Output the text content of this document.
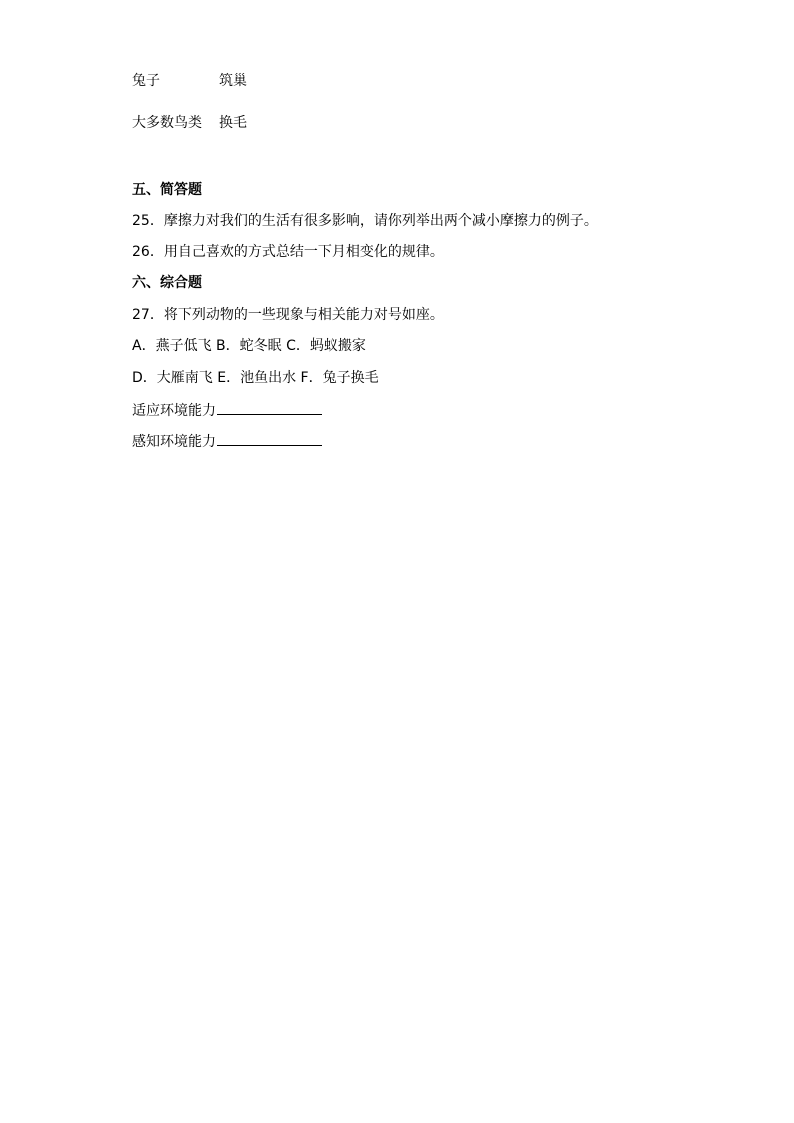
兔子	筑巢
大多数鸟类 换毛
五、简答题
25．摩擦力对我们的生活有很多影响，请你列举出两个减小摩擦力的例子。
26．用自己喜欢的方式总结一下月相变化的规律。
六、综合题
27．将下列动物的一些现象与相关能力对号如座。
A．燕子低飞 B．蛇冬眠 C．蚂蚁搬家
D．大雁南飞 E．池鱼出水 F．兔子换毛
适应环境能力
感知环境能力
